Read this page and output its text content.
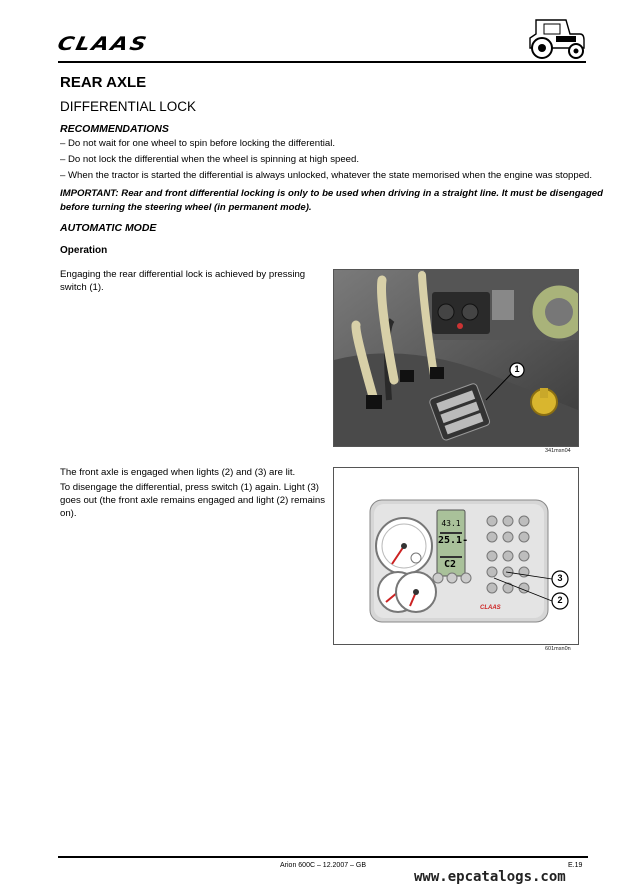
CLAAS
REAR AXLE
DIFFERENTIAL LOCK
RECOMMENDATIONS
– Do not wait for one wheel to spin before locking the differential.
– Do not lock the differential when the wheel is spinning at high speed.
– When the tractor is started the differential is always unlocked, whatever the state memorised when the engine was stopped.
IMPORTANT: Rear and front differential locking is only to be used when driving in a straight line. It must be disengaged
before turning the steering wheel (in permanent mode).
AUTOMATIC MODE
Operation
Engaging the rear differential lock is achieved by pressing
switch (1).
1
341msn04
The front axle is engaged when lights (2) and (3) are lit.
To disengage the differential, press switch (1) again. Light (3)
goes out (the front axle remains engaged and light (2) remains
on).
43.1
25.1-
C2
CLAAS
3
2
601msn0n
Arion 600C – 12.2007 – GB	E.19
www.epcatalogs.com
